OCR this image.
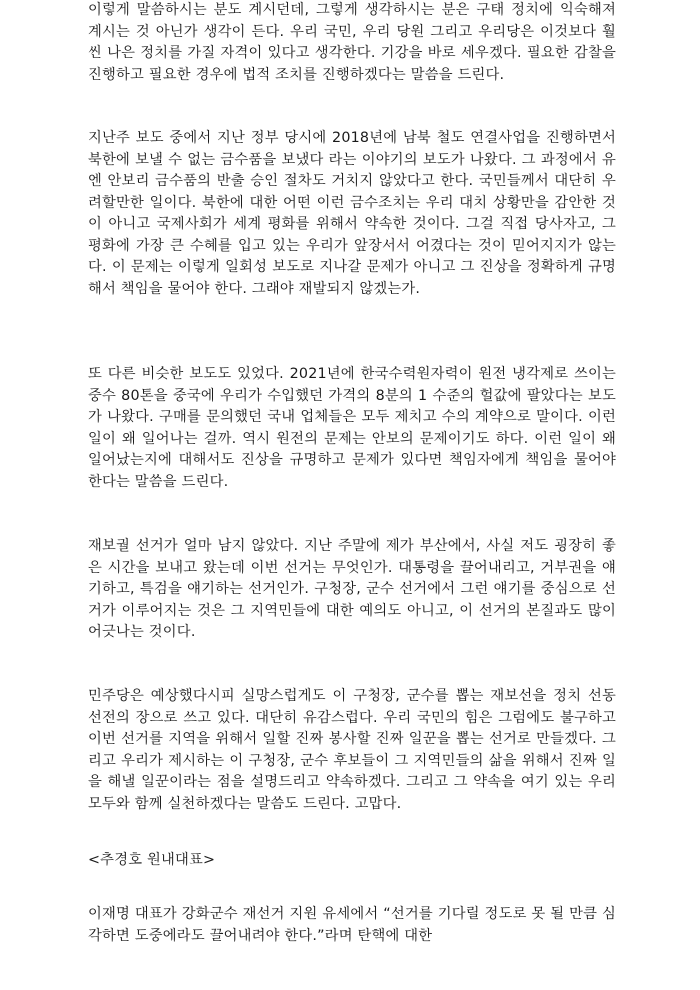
이렇게 말씀하시는 분도 계시던데, 그렇게 생각하시는 분은 구태 정치에 익숙해져 계시는 것 아닌가 생각이 든다. 우리 국민, 우리 당원 그리고 우리당은 이것보다 훨씬 나은 정치를 가질 자격이 있다고 생각한다. 기강을 바로 세우겠다. 필요한 감찰을 진행하고 필요한 경우에 법적 조치를 진행하겠다는 말씀을 드린다.

지난주 보도 중에서 지난 정부 당시에 2018년에 남북 철도 연결사업을 진행하면서 북한에 보낼 수 없는 금수품을 보냈다 라는 이야기의 보도가 나왔다. 그 과정에서 유엔 안보리 금수품의 반출 승인 절차도 거치지 않았다고 한다. 국민들께서 대단히 우려할만한 일이다. 북한에 대한 어떤 이런 금수조치는 우리 대치 상황만을 감안한 것이 아니고 국제사회가 세계 평화를 위해서 약속한 것이다. 그걸 직접 당사자고, 그 평화에 가장 큰 수혜를 입고 있는 우리가 앞장서서 어겼다는 것이 믿어지지가 않는다. 이 문제는 이렇게 일회성 보도로 지나갈 문제가 아니고 그 진상을 정확하게 규명해서 책임을 물어야 한다. 그래야 재발되지 않겠는가.

또 다른 비슷한 보도도 있었다. 2021년에 한국수력원자력이 원전 냉각제로 쓰이는 중수 80톤을 중국에 우리가 수입했던 가격의 8분의 1 수준의 헐값에 팔았다는 보도가 나왔다. 구매를 문의했던 국내 업체들은 모두 제치고 수의 계약으로 말이다. 이런 일이 왜 일어나는 걸까. 역시 원전의 문제는 안보의 문제이기도 하다. 이런 일이 왜 일어났는지에 대해서도 진상을 규명하고 문제가 있다면 책임자에게 책임을 물어야 한다는 말씀을 드린다.

재보궐 선거가 얼마 남지 않았다. 지난 주말에 제가 부산에서, 사실 저도 굉장히 좋은 시간을 보내고 왔는데 이번 선거는 무엇인가. 대통령을 끌어내리고, 거부권을 얘기하고, 특검을 얘기하는 선거인가. 구청장, 군수 선거에서 그런 얘기를 중심으로 선거가 이루어지는 것은 그 지역민들에 대한 예의도 아니고, 이 선거의 본질과도 많이 어긋나는 것이다.

민주당은 예상했다시피 실망스럽게도 이 구청장, 군수를 뽑는 재보선을 정치 선동 선전의 장으로 쓰고 있다. 대단히 유감스럽다. 우리 국민의 힘은 그럼에도 불구하고 이번 선거를 지역을 위해서 일할 진짜 봉사할 진짜 일꾼을 뽑는 선거로 만들겠다. 그리고 우리가 제시하는 이 구청장, 군수 후보들이 그 지역민들의 삶을 위해서 진짜 일을 해낼 일꾼이라는 점을 설명드리고 약속하겠다. 그리고 그 약속을 여기 있는 우리 모두와 함께 실천하겠다는 말씀도 드린다. 고맙다.

<추경호 원내대표>

이재명 대표가 강화군수 재선거 지원 유세에서 “선거를 기다릴 정도로 못 될 만큼 심각하면 도중에라도 끌어내려야 한다.”라며 탄핵에 대한
